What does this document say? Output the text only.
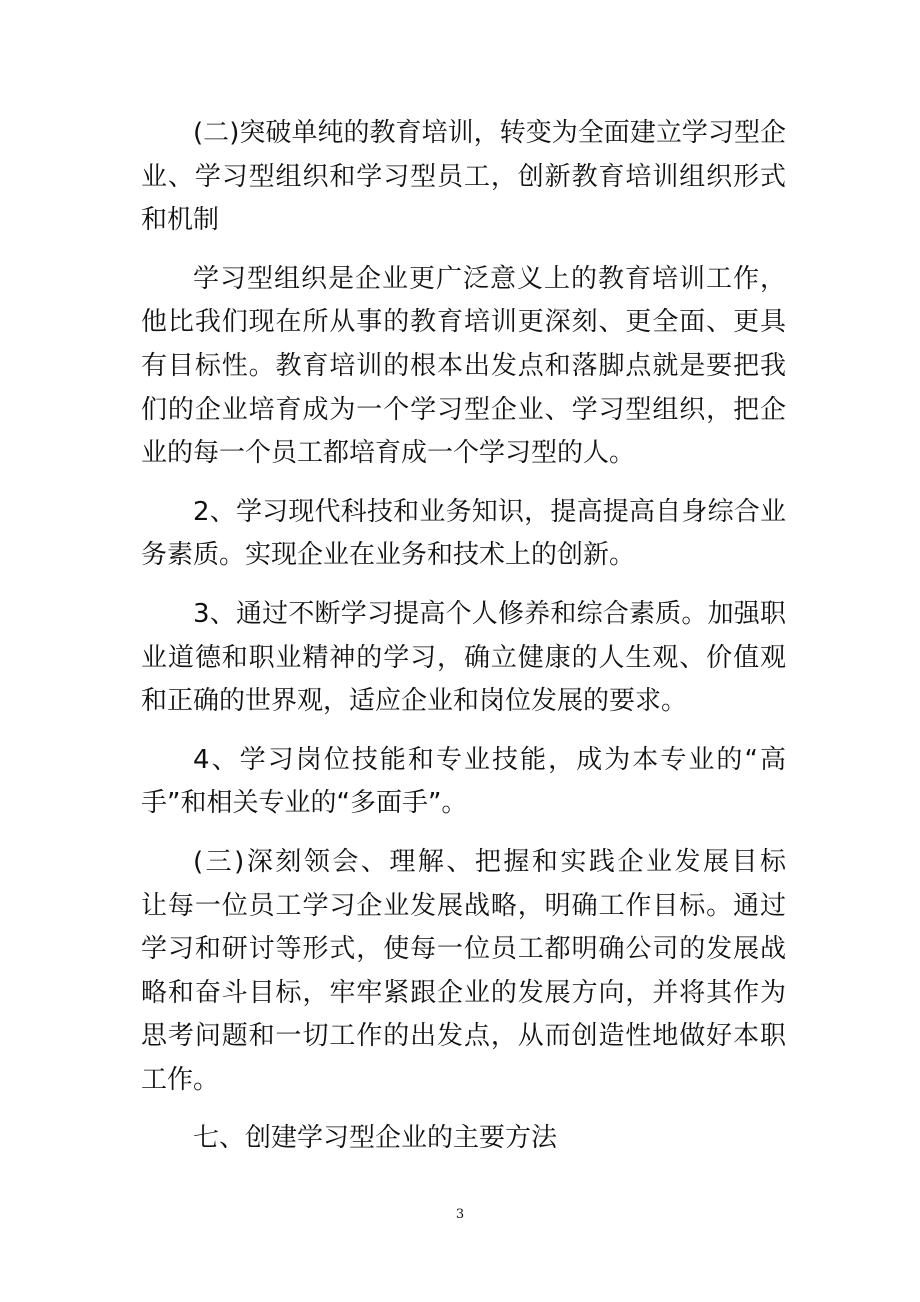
(二)突破单纯的教育培训，转变为全面建立学习型企业、学习型组织和学习型员工，创新教育培训组织形式和机制

学习型组织是企业更广泛意义上的教育培训工作，他比我们现在所从事的教育培训更深刻、更全面、更具有目标性。教育培训的根本出发点和落脚点就是要把我们的企业培育成为一个学习型企业、学习型组织，把企业的每一个员工都培育成一个学习型的人。

2、学习现代科技和业务知识，提高提高自身综合业务素质。实现企业在业务和技术上的创新。

3、通过不断学习提高个人修养和综合素质。加强职业道德和职业精神的学习，确立健康的人生观、价值观和正确的世界观，适应企业和岗位发展的要求。

4、学习岗位技能和专业技能，成为本专业的“高手”和相关专业的“多面手”。

(三)深刻领会、理解、把握和实践企业发展目标　　让每一位员工学习企业发展战略，明确工作目标。通过学习和研讨等形式，使每一位员工都明确公司的发展战略和奋斗目标，牢牢紧跟企业的发展方向，并将其作为思考问题和一切工作的出发点，从而创造性地做好本职工作。

七、创建学习型企业的主要方法

3
